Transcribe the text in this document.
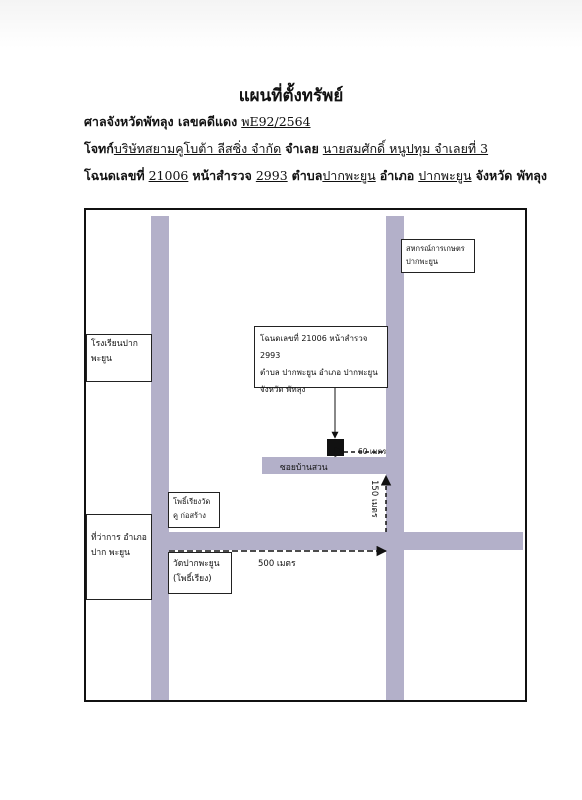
แผนที่ตั้งทรัพย์
ศาลจังหวัดพัทลุง เลขคดีแดง พE92/2564
โจทก์บริษัทสยามคูโบต้า ลีสซิ่ง จำกัด จำเลย นายสมศักดิ์ หนูปทุม จำเลยที่ 3
โฉนดเลขที่ 21006 หน้าสำรวจ 2993 ตำบลปากพะยูน อำเภอ ปากพะยูน จังหวัด พัทลุง
สหกรณ์การเกษตร ปากพะยูน
โรงเรียนปาก พะยูน
โฉนดเลขที่ 21006 หน้าสำรวจ 2993
ตำบล ปากพะยูน อำเภอ ปากพะยูน
จังหวัด พัทลุง
ซอยบ้านสวน
โพธิ์เรียงวัดคู ก่อสร้าง
ที่ว่าการ อำเภอปาก พะยูน
วัดปากพะยูน (โพธิ์เรียง)
60 เมตร
150 เมตร
500 เมตร
